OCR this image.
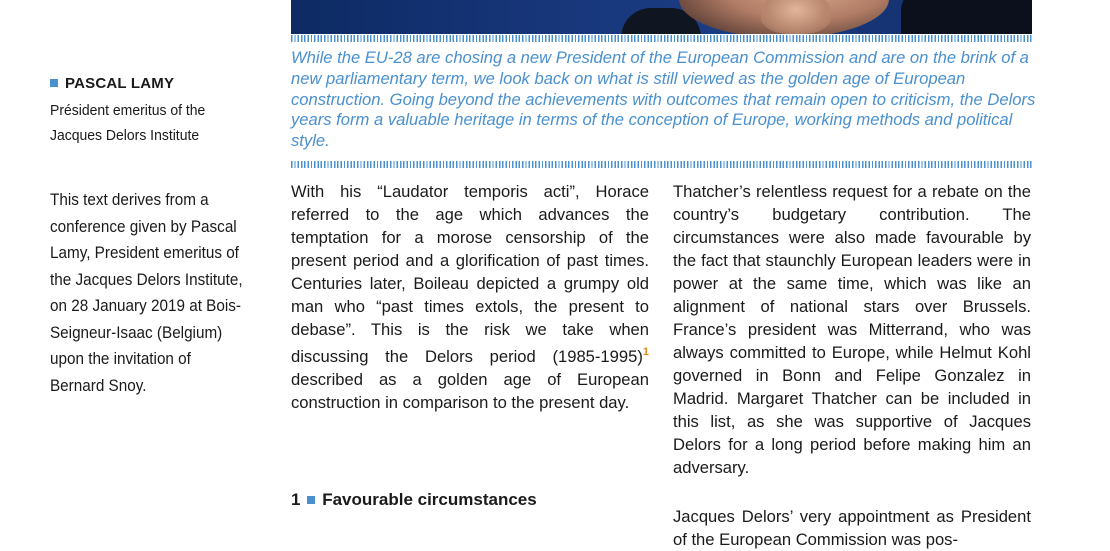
While the EU-28 are chosing a new President of the European Commission and are on the brink of a new parliamentary term, we look back on what is still viewed as the golden age of European construction. Going beyond the achievements with outcomes that remain open to criticism, the Delors years form a valuable heritage in terms of the conception of Europe, working methods and political style.

PASCAL LAMY
Président emeritus of the Jacques Delors Institute
This text derives from a conference given by Pascal Lamy, President emeritus of the Jacques Delors Institute, on 28 January 2019 at Bois-Seigneur-Isaac (Belgium) upon the invitation of Bernard Snoy.

With his “Laudator temporis acti”, Horace referred to the age which advances the temptation for a morose censorship of the present period and a glorification of past times. Centuries later, Boileau depicted a grumpy old man who “past times extols, the present to debase”. This is the risk we take when discussing the Delors period (1985-1995)$^1$ described as a golden age of European construction in comparison to the present day.

Thatcher’s relentless request for a rebate on the country’s budgetary contribution. The circumstances were also made favourable by the fact that staunchly European leaders were in power at the same time, which was like an alignment of national stars over Brussels. France’s president was Mitterrand, who was always committed to Europe, while Helmut Kohl governed in Bonn and Felipe Gonzalez in Madrid. Margaret Thatcher can be included in this list, as she was supportive of Jacques Delors for a long period before making him an adversary.

Jacques Delors’ very appointment as President of the European Commission was pos-

1 Favourable circumstances
